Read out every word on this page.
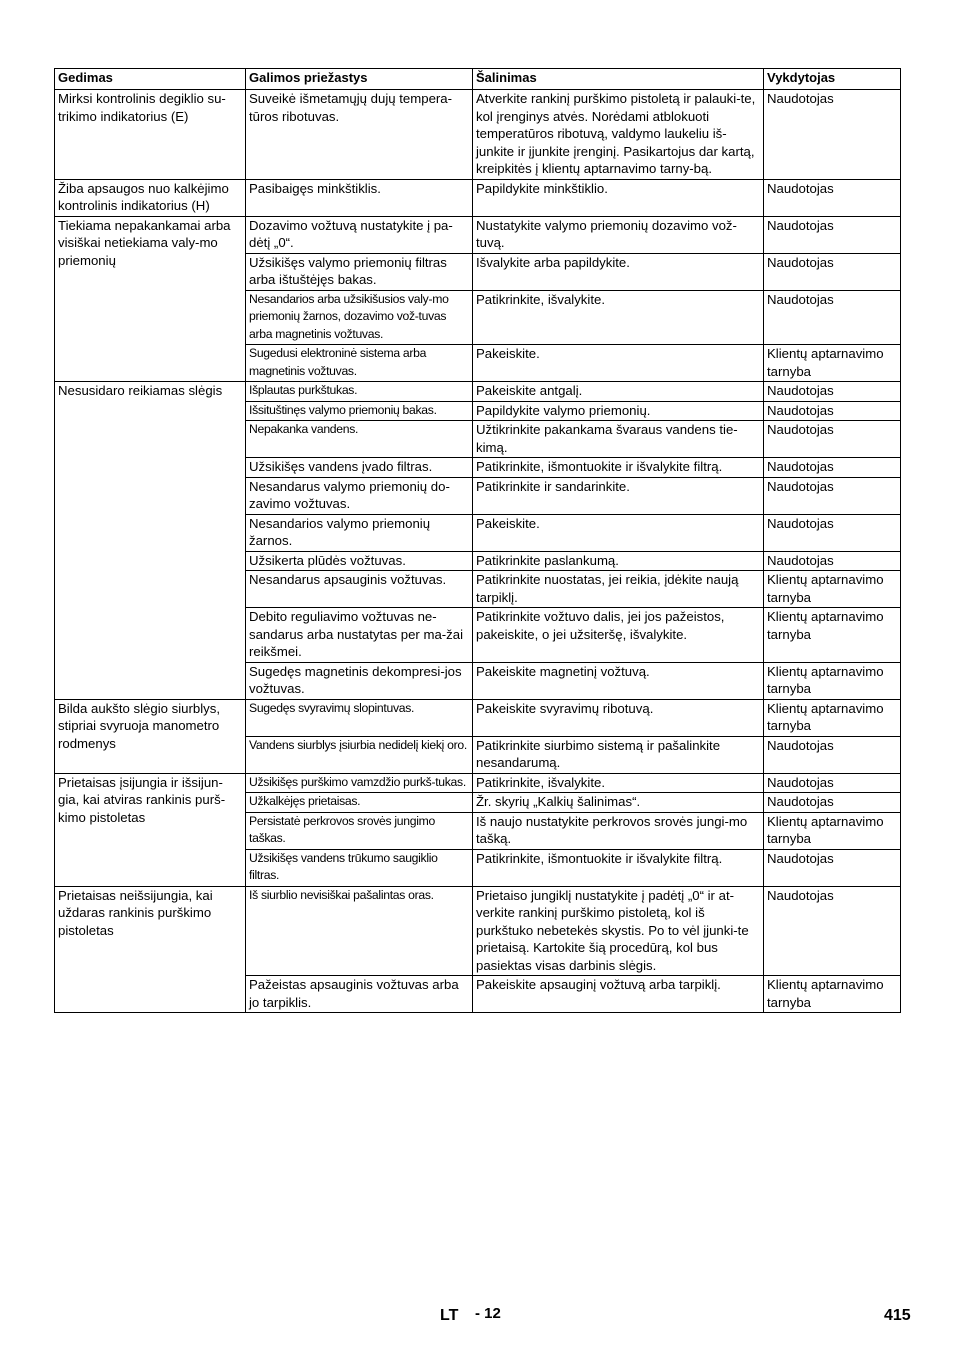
Gedimas	Galimos priežastys	Šalinimas	Vykdytojas
Mirksi kontrolinis degiklio su-trikimo indikatorius (E)	Suveikė išmetamųjų dujų tempera-tūros ribotuvas.	Atverkite rankinį purškimo pistoletą ir palauki-te, kol įrenginys atvės. Norėdami atblokuoti temperatūros ribotuvą, valdymo laukeliu iš-junkite ir įjunkite įrenginį. Pasikartojus dar kartą, kreipkitės į klientų aptarnavimo tarny-bą.	Naudotojas
Žiba apsaugos nuo kalkėjimo kontrolinis indikatorius (H)	Pasibaigęs minkštiklis.	Papildykite minkštiklio.	Naudotojas
Tiekiama nepakankamai arba visiškai netiekiama valy-mo priemonių	Dozavimo vožtuvą nustatykite į pa-dėtį „0“.	Nustatykite valymo priemonių dozavimo vož-tuvą.	Naudotojas
	Užsikišęs valymo priemonių filtras arba ištuštėjęs bakas.	Išvalykite arba papildykite.	Naudotojas
	Nesandarios arba užsikišusios valy-mo priemonių žarnos, dozavimo vož-tuvas arba magnetinis vožtuvas.	Patikrinkite, išvalykite.	Naudotojas
	Sugedusi elektroninė sistema arba magnetinis vožtuvas.	Pakeiskite.	Klientų aptarnavimo tarnyba
Nesusidaro reikiamas slėgis	Išplautas purkštukas.	Pakeiskite antgalį.	Naudotojas
	Išsituštinęs valymo priemonių bakas.	Papildykite valymo priemonių.	Naudotojas
	Nepakanka vandens.	Užtikrinkite pakankama švaraus vandens tie-kimą.	Naudotojas
	Užsikišęs vandens įvado filtras.	Patikrinkite, išmontuokite ir išvalykite filtrą.	Naudotojas
	Nesandarus valymo priemonių do-zavimo vožtuvas.	Patikrinkite ir sandarinkite.	Naudotojas
	Nesandarios valymo priemonių žarnos.	Pakeiskite.	Naudotojas
	Užsikerta plūdės vožtuvas.	Patikrinkite paslankumą.	Naudotojas
	Nesandarus apsauginis vožtuvas.	Patikrinkite nuostatas, jei reikia, įdėkite naują tarpiklį.	Klientų aptarnavimo tarnyba
	Debito reguliavimo vožtuvas ne-sandarus arba nustatytas per ma-žai reikšmei.	Patikrinkite vožtuvo dalis, jei jos pažeistos, pakeiskite, o jei užsiteršę, išvalykite.	Klientų aptarnavimo tarnyba
	Sugedęs magnetinis dekompresi-jos vožtuvas.	Pakeiskite magnetinį vožtuvą.	Klientų aptarnavimo tarnyba
Bilda aukšto slėgio siurblys, stipriai svyruoja manometro rodmenys	Sugedęs svyravimų slopintuvas.	Pakeiskite svyravimų ribotuvą.	Klientų aptarnavimo tarnyba
	Vandens siurblys įsiurbia nedidelį kiekį oro.	Patikrinkite siurbimo sistemą ir pašalinkite nesandarumą.	Naudotojas
Prietaisas įsijungia ir išsijun-gia, kai atviras rankinis purš-kimo pistoletas	Užsikišęs purškimo vamzdžio purkš-tukas.	Patikrinkite, išvalykite.	Naudotojas
	Užkalkėjęs prietaisas.	Žr. skyrių „Kalkių šalinimas“.	Naudotojas
	Persistatė perkrovos srovės jungimo taškas.	Iš naujo nustatykite perkrovos srovės jungi-mo tašką.	Klientų aptarnavimo tarnyba
	Užsikišęs vandens trūkumo saugiklio filtras.	Patikrinkite, išmontuokite ir išvalykite filtrą.	Naudotojas
Prietaisas neišsijungia, kai uždaras rankinis purškimo pistoletas	Iš siurblio nevisiškai pašalintas oras.	Prietaiso jungiklį nustatykite į padėtį „0“ ir at-verkite rankinį purškimo pistoletą, kol iš purkštuko nebetekės skystis. Po to vėl įjunki-te prietaisą. Kartokite šią procedūrą, kol bus pasiektas visas darbinis slėgis.	Naudotojas
	Pažeistas apsauginis vožtuvas arba jo tarpiklis.	Pakeiskite apsauginį vožtuvą arba tarpiklį.	Klientų aptarnavimo tarnyba
LT - 12	415
